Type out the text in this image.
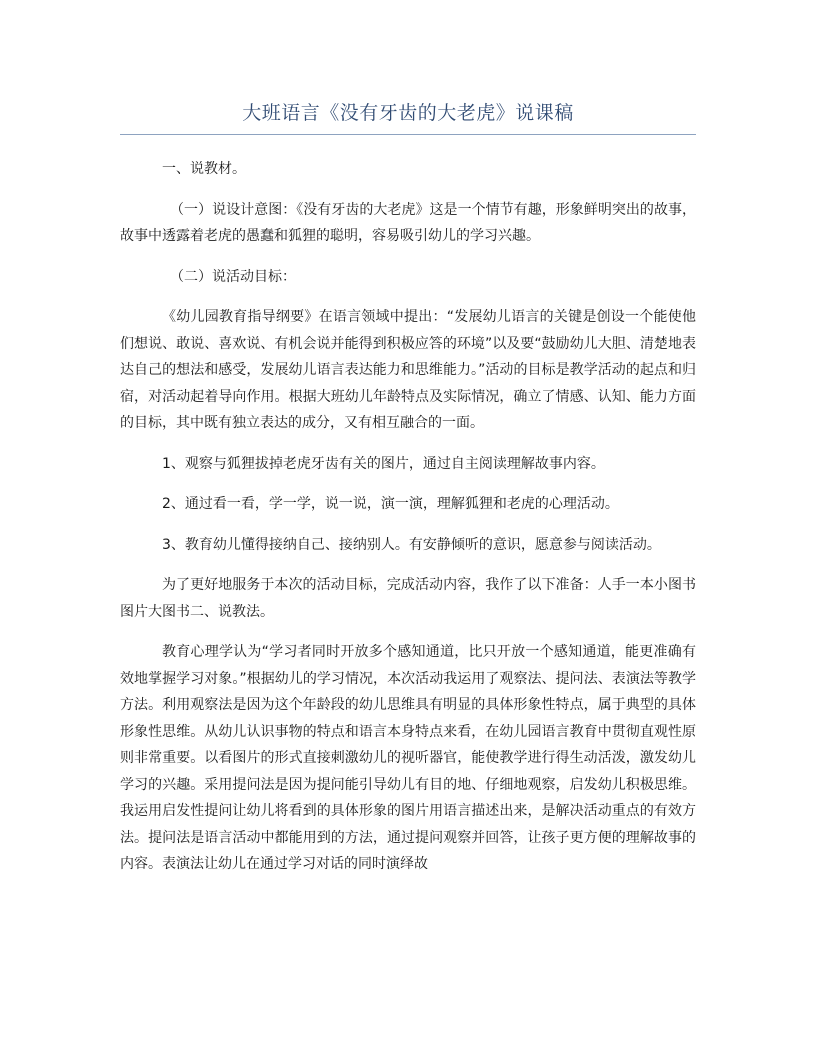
大班语言《没有牙齿的大老虎》说课稿

一、说教材。

（一）说设计意图：《没有牙齿的大老虎》这是一个情节有趣，形象鲜明突出的故事，故事中透露着老虎的愚蠢和狐狸的聪明，容易吸引幼儿的学习兴趣。

（二）说活动目标：

《幼儿园教育指导纲要》在语言领域中提出：“发展幼儿语言的关键是创设一个能使他们想说、敢说、喜欢说、有机会说并能得到积极应答的环境”以及要“鼓励幼儿大胆、清楚地表达自己的想法和感受，发展幼儿语言表达能力和思维能力。”活动的目标是教学活动的起点和归宿，对活动起着导向作用。根据大班幼儿年龄特点及实际情况，确立了情感、认知、能力方面的目标，其中既有独立表达的成分，又有相互融合的一面。

1、观察与狐狸拔掉老虎牙齿有关的图片，通过自主阅读理解故事内容。

2、通过看一看，学一学，说一说，演一演，理解狐狸和老虎的心理活动。

3、教育幼儿懂得接纳自己、接纳别人。有安静倾听的意识，愿意参与阅读活动。

为了更好地服务于本次的活动目标，完成活动内容，我作了以下准备：人手一本小图书图片大图书二、说教法。

教育心理学认为“学习者同时开放多个感知通道，比只开放一个感知通道，能更准确有效地掌握学习对象。”根据幼儿的学习情况，本次活动我运用了观察法、提问法、表演法等教学方法。利用观察法是因为这个年龄段的幼儿思维具有明显的具体形象性特点，属于典型的具体形象性思维。从幼儿认识事物的特点和语言本身特点来看，在幼儿园语言教育中贯彻直观性原则非常重要。以看图片的形式直接刺激幼儿的视听器官，能使教学进行得生动活泼，激发幼儿学习的兴趣。采用提问法是因为提问能引导幼儿有目的地、仔细地观察，启发幼儿积极思维。我运用启发性提问让幼儿将看到的具体形象的图片用语言描述出来，是解决活动重点的有效方法。提问法是语言活动中都能用到的方法，通过提问观察并回答，让孩子更方便的理解故事的内容。表演法让幼儿在通过学习对话的同时演绎故
